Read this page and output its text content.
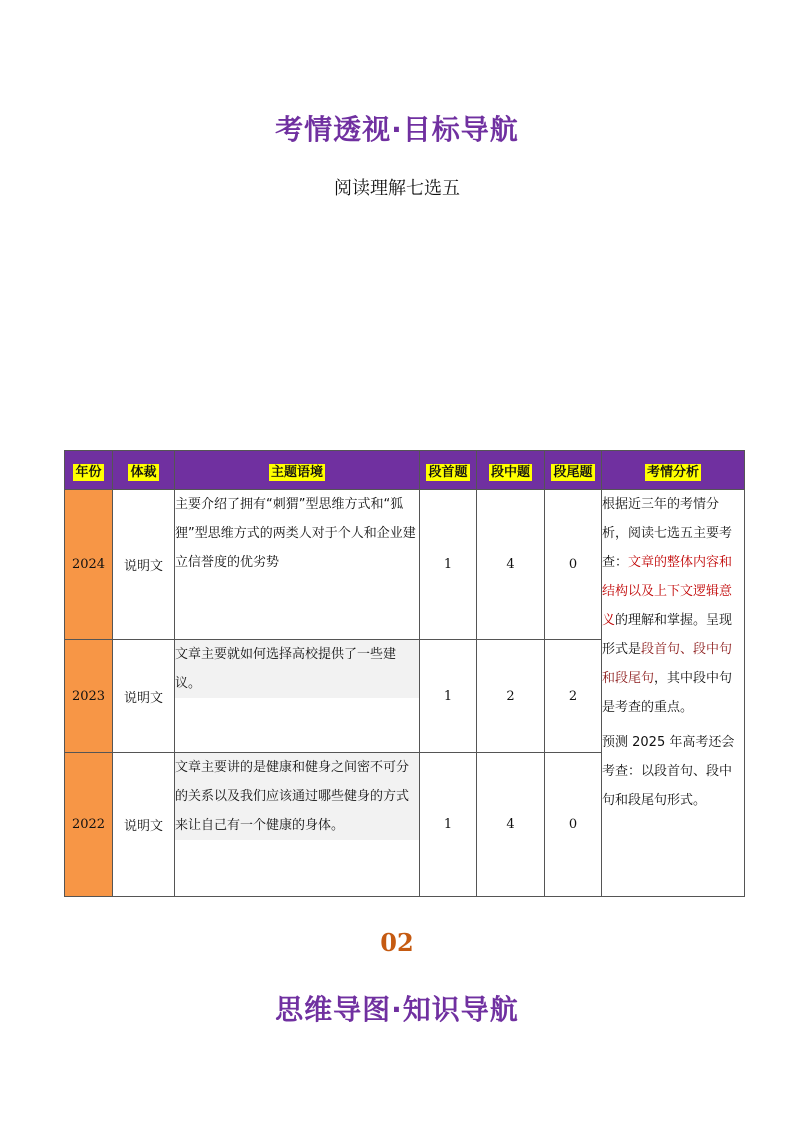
考情透视·目标导航
阅读理解七选五
年份	体裁	主题语境	段首题	段中题	段尾题	考情分析
2024	说明文	主要介绍了拥有“刺猬”型思维方式和“狐狸”型思维方式的两类人对于个人和企业建立信誉度的优劣势	1	4	0	根据近三年的考情分析，阅读七选五主要考查：文章的整体内容和结构以及上下文逻辑意义的理解和掌握。呈现形式是段首句、段中句和段尾句，其中段中句是考查的重点。
预测 2025 年高考还会考查：以段首句、段中句和段尾句形式。

2023	说明文	文章主要就如何选择高校提供了一些建议。	1	2	2	
2022	说明文	文章主要讲的是健康和健身之间密不可分的关系以及我们应该通过哪些健身的方式来让自己有一个健康的身体。	1	4	0	
02
思维导图·知识导航
